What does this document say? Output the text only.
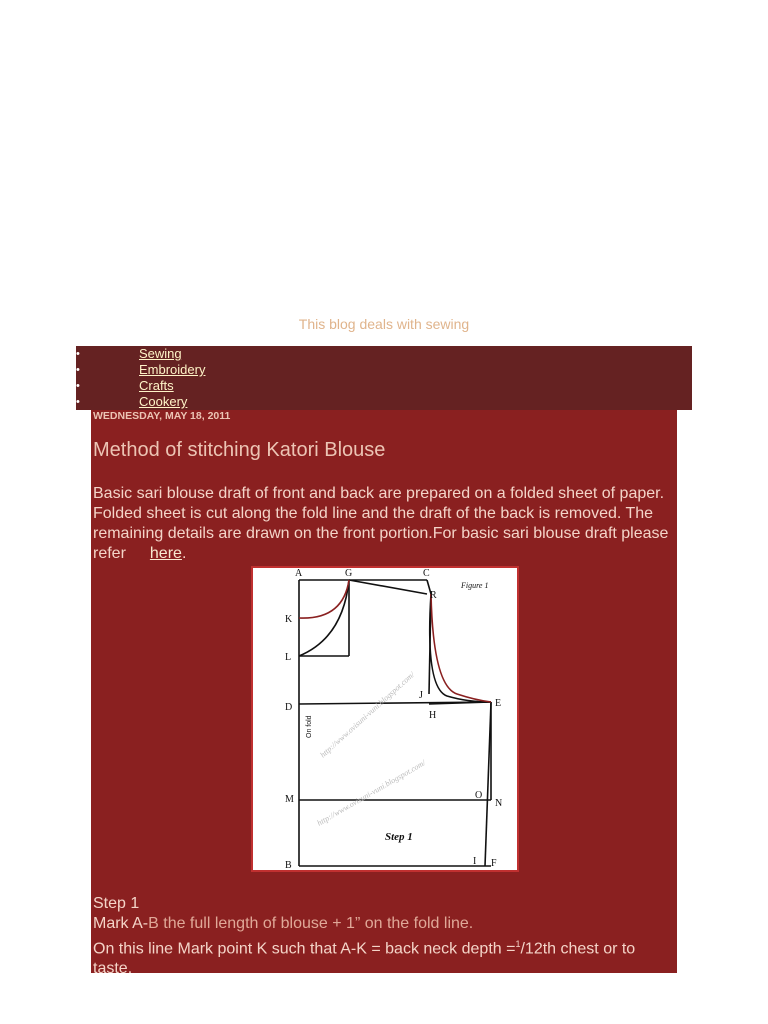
This blog deals with sewing
•	Sewing
•	Embroidery
•	Crafts
•	Cookery
WEDNESDAY, MAY 18, 2011
Method of stitching Katori Blouse

Basic sari blouse draft of front and back are prepared on a folded sheet of paper. Folded sheet is cut along the fold line and the draft of the back is removed. The remaining details are drawn on the front portion.For basic sari blouse draft please refer here.

A	G	C
R
K
L
J
H
D	E
M	O
N
B	I F
Figure 1
Step 1
On fold http://www.ovisuni-vuni.blogspot.com/
http://www.ovisuni-vuni.blogspot.com/
Step 1
Mark A-B the full length of blouse + 1” on the fold line.
On this line Mark point K such that A-K = back neck depth =$^1$/12th chest or to taste.
